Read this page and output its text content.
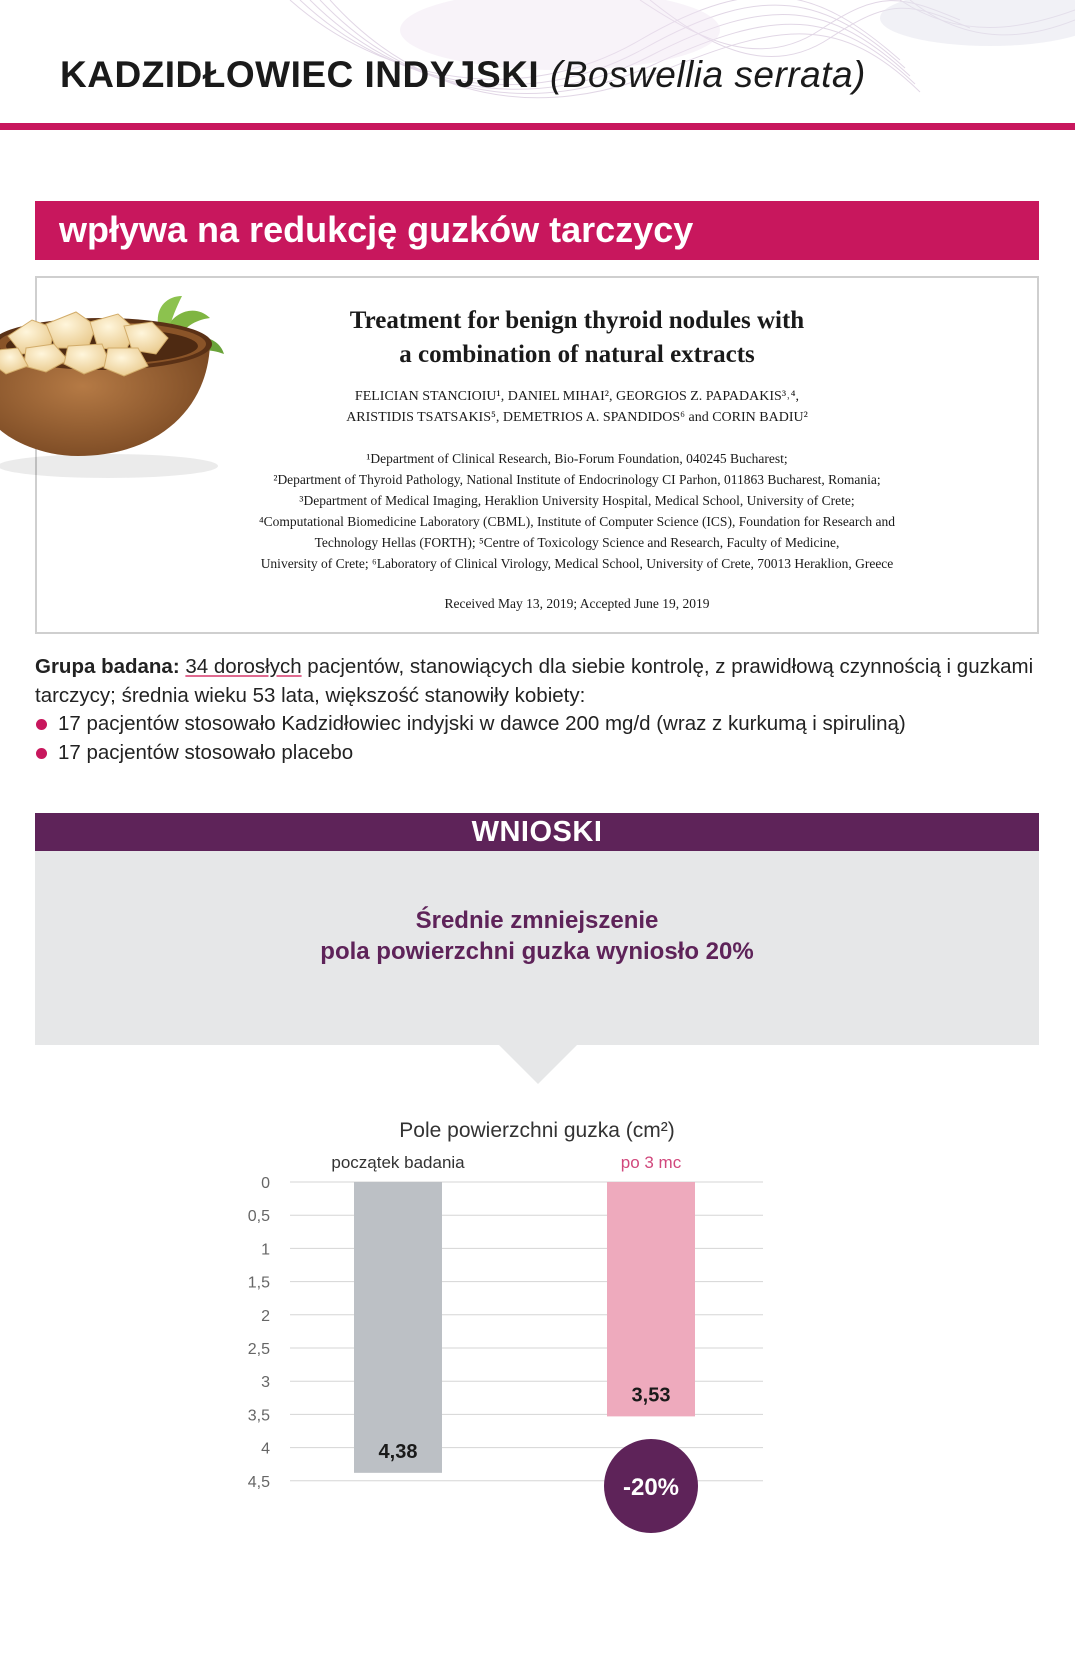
KADZIDŁOWIEC INDYJSKI (Boswellia serrata)
wpływa na redukcję guzków tarczycy
Treatment for benign thyroid nodules with
a combination of natural extracts
FELICIAN STANCIOIU¹, DANIEL MIHAI², GEORGIOS Z. PAPADAKIS³˒⁴,
ARISTIDIS TSATSAKIS⁵, DEMETRIOS A. SPANDIDOS⁶ and CORIN BADIU²
¹Department of Clinical Research, Bio-Forum Foundation, 040245 Bucharest;
²Department of Thyroid Pathology, National Institute of Endocrinology CI Parhon, 011863 Bucharest, Romania;
³Department of Medical Imaging, Heraklion University Hospital, Medical School, University of Crete;
⁴Computational Biomedicine Laboratory (CBML), Institute of Computer Science (ICS), Foundation for Research and
Technology Hellas (FORTH); ⁵Centre of Toxicology Science and Research, Faculty of Medicine,
University of Crete; ⁶Laboratory of Clinical Virology, Medical School, University of Crete, 70013 Heraklion, Greece
Received May 13, 2019; Accepted June 19, 2019
Grupa badana: 34 dorosłych pacjentów, stanowiących dla siebie kontrolę, z prawidłową czynnością i guzkami tarczycy; średnia wieku 53 lata, większość stanowiły kobiety:
17 pacjentów stosowało Kadzidłowiec indyjski w dawce 200 mg/d (wraz z kurkumą i spiruliną)
17 pacjentów stosowało placebo
WNIOSKI
Średnie zmniejszenie
pola powierzchni guzka wyniosło 20%
Pole powierzchni guzka (cm²)
0
0,5
1
1,5
2
2,5
3
3,5
4
4,5
początek badania
4,38
po 3 mc
3,53
-20%
